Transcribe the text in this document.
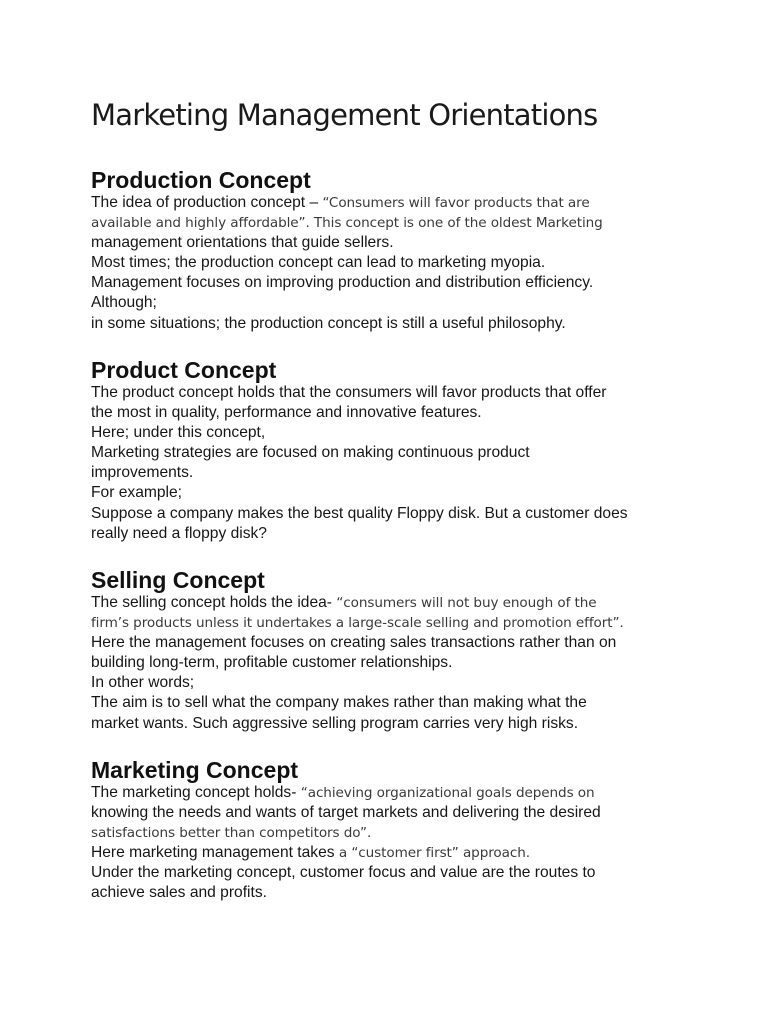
Marketing Management Orientations
Production Concept

The idea of production concept – “Consumers will favor products that are

available and highly affordable”. This concept is one of the oldest Marketing

management orientations that guide sellers.

Most times; the production concept can lead to marketing myopia.

Management focuses on improving production and distribution efficiency.

Although;

in some situations; the production concept is still a useful philosophy.

Product Concept

The product concept holds that the consumers will favor products that offer

the most in quality, performance and innovative features.

Here; under this concept,

Marketing strategies are focused on making continuous product

improvements.

For example;

Suppose a company makes the best quality Floppy disk. But a customer does

really need a floppy disk?

Selling Concept

The selling concept holds the idea- “consumers will not buy enough of the

firm’s products unless it undertakes a large-scale selling and promotion effort”.

Here the management focuses on creating sales transactions rather than on

building long-term, profitable customer relationships.

In other words;

The aim is to sell what the company makes rather than making what the

market wants. Such aggressive selling program carries very high risks.

Marketing Concept

The marketing concept holds- “achieving organizational goals depends on

knowing the needs and wants of target markets and delivering the desired

satisfactions better than competitors do”.

Here marketing management takes a “customer first” approach.

Under the marketing concept, customer focus and value are the routes to

achieve sales and profits.
